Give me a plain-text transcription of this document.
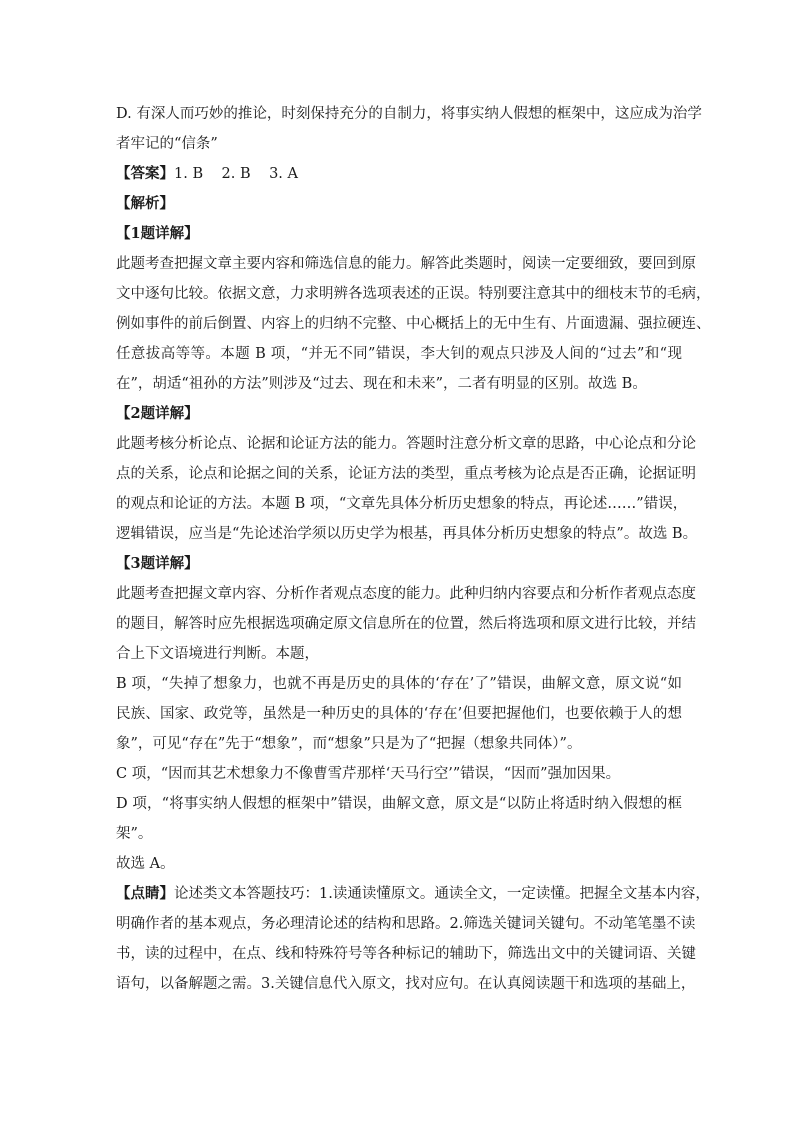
D. 有深人而巧妙的推论，时刻保持充分的自制力，将事实纳人假想的框架中，这应成为治学
者牢记的“信条”
【答案】1. B    2. B    3. A
【解析】
【1题详解】
此题考查把握文章主要内容和筛选信息的能力。解答此类题时，阅读一定要细致，要回到原
文中逐句比较。依据文意，力求明辨各选项表述的正误。特别要注意其中的细枝末节的毛病，
例如事件的前后倒置、内容上的归纳不完整、中心概括上的无中生有、片面遗漏、强拉硬连、
任意拔高等等。本题 B 项，“并无不同”错误，李大钊的观点只涉及人间的“过去”和“现
在”，胡适“祖孙的方法”则涉及“过去、现在和未来”，二者有明显的区别。故选 B。
【2题详解】
此题考核分析论点、论据和论证方法的能力。答题时注意分析文章的思路，中心论点和分论
点的关系，论点和论据之间的关系，论证方法的类型，重点考核为论点是否正确，论据证明
的观点和论证的方法。本题 B 项，“文章先具体分析历史想象的特点，再论述……”错误，
逻辑错误，应当是“先论述治学须以历史学为根基，再具体分析历史想象的特点”。故选 B。
【3题详解】
此题考查把握文章内容、分析作者观点态度的能力。此种归纳内容要点和分析作者观点态度
的题目，解答时应先根据选项确定原文信息所在的位置，然后将选项和原文进行比较，并结
合上下文语境进行判断。本题，
B 项，“失掉了想象力，也就不再是历史的具体的‘存在’了”错误，曲解文意，原文说“如
民族、国家、政党等，虽然是一种历史的具体的‘存在’但要把握他们，也要依赖于人的想
象”，可见“存在”先于“想象”，而“想象”只是为了“把握（想象共同体）”。
C 项，“因而其艺术想象力不像曹雪芹那样‘天马行空’”错误，“因而”强加因果。
D 项，“将事实纳人假想的框架中”错误，曲解文意，原文是“以防止将适时纳入假想的框
架”。
故选 A。
【点睛】论述类文本答题技巧：1.读通读懂原文。通读全文，一定读懂。把握全文基本内容，
明确作者的基本观点，务必理清论述的结构和思路。2.筛选关键词关键句。不动笔笔墨不读
书，读的过程中，在点、线和特殊符号等各种标记的辅助下，筛选出文中的关键词语、关键
语句，以备解题之需。3.关键信息代入原文，找对应句。在认真阅读题干和选项的基础上，
